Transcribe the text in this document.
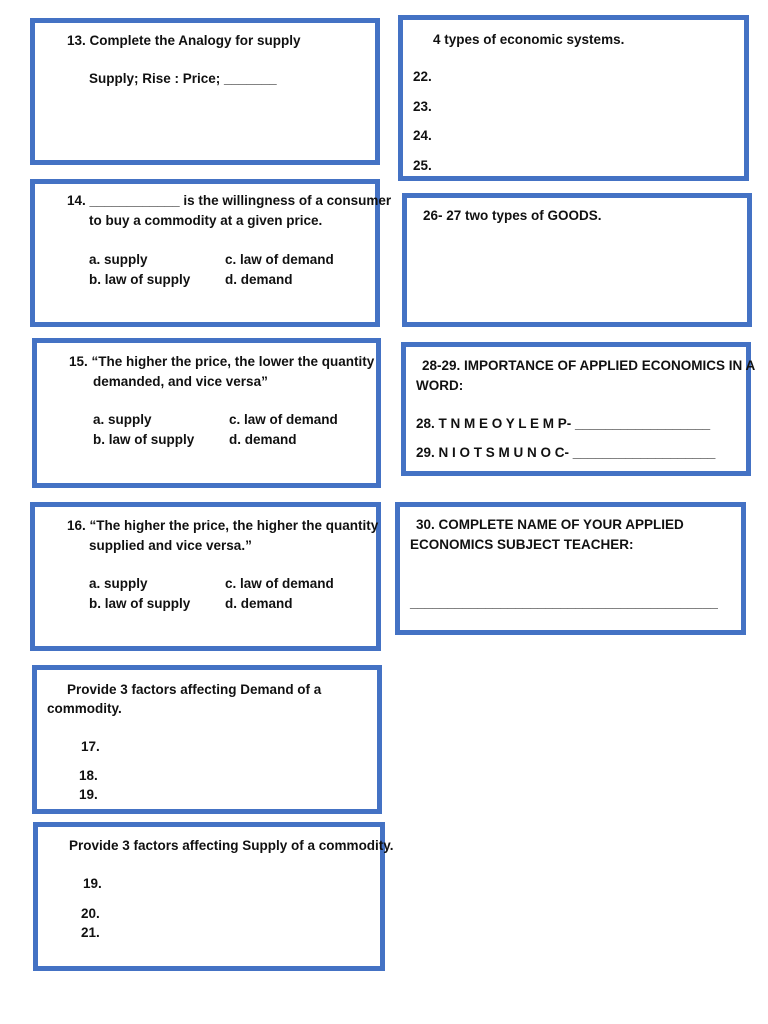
13. Complete the Analogy for supply
Supply; Rise : Price; _______
14. ____________ is the willingness of a consumer
to buy a commodity at a given price.
a. supply
b. law of supply
c. law of demand
d. demand
15. “The higher the price, the lower the quantity
demanded, and vice versa”
a. supply
b. law of supply
c. law of demand
d. demand
16. “The higher the price, the higher the quantity
supplied and vice versa.”
a. supply
b. law of supply
c. law of demand
d. demand
Provide 3 factors affecting Demand of a
commodity.
17.
18.
19.
Provide 3 factors affecting Supply of a commodity.
19.
20.
21.
4 types of economic systems.
22.
23.
24.
25.
26- 27 two types of GOODS.
28-29. IMPORTANCE OF APPLIED ECONOMICS IN A
WORD:
28. T N M E O Y L E M P- __________________
29. N I O T S M U N O C- ___________________
30. COMPLETE NAME OF YOUR APPLIED
ECONOMICS SUBJECT TEACHER:
_________________________________________
